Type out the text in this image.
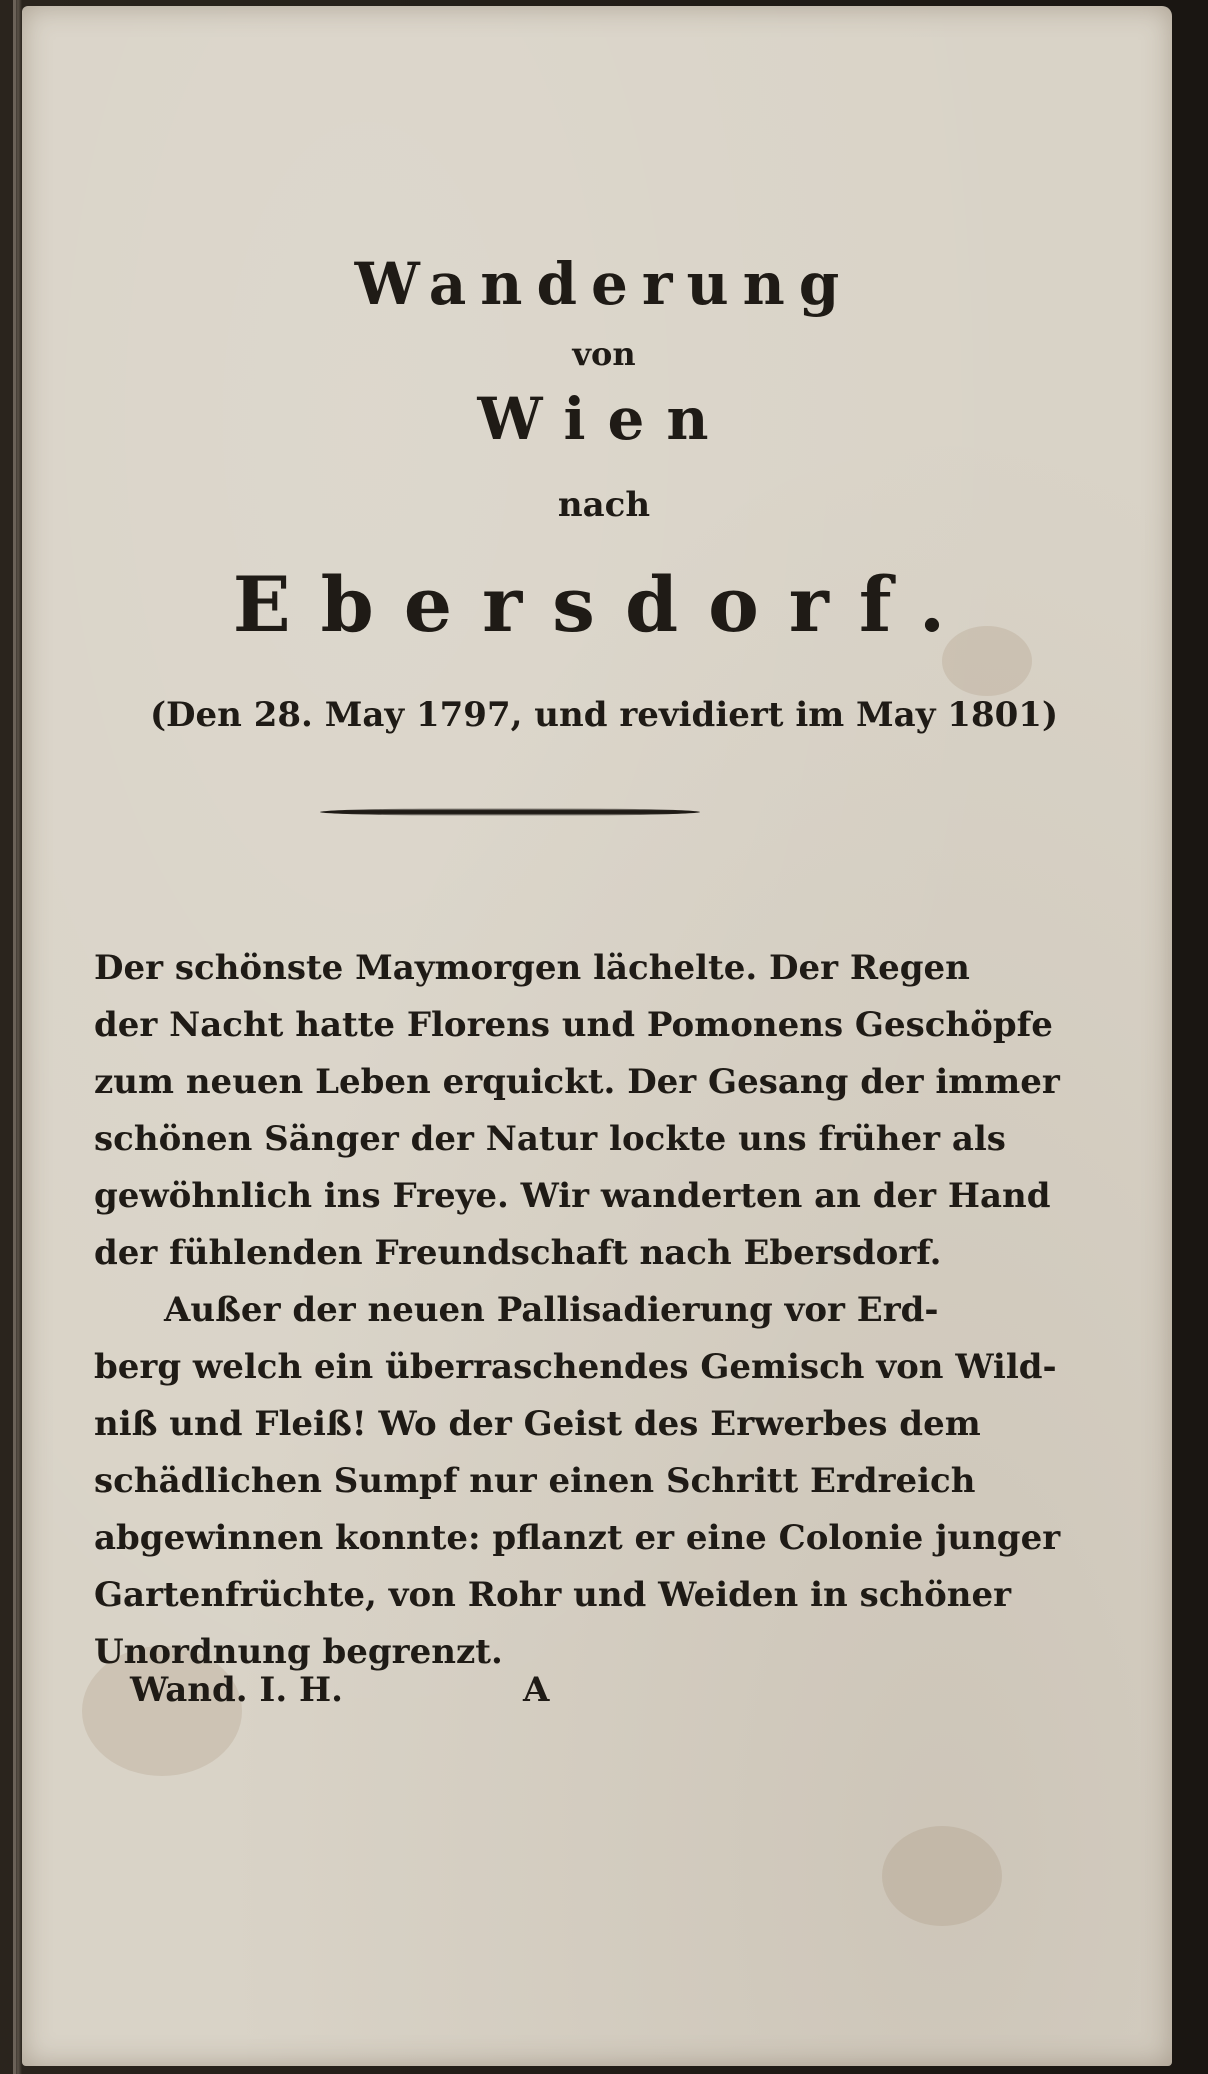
Wanderung
von
Wien
nach
Ebersdorf.
(Den 28. May 1797, und revidiert im May 1801)
Der schönste Maymorgen lächelte. Der Regen
der Nacht hatte Florens und Pomonens Geschöpfe
zum neuen Leben erquickt. Der Gesang der immer
schönen Sänger der Natur lockte uns früher als
gewöhnlich ins Freye. Wir wanderten an der Hand
der fühlenden Freundschaft nach Ebersdorf.
Außer der neuen Pallisadierung vor Erd-
berg welch ein überraschendes Gemisch von Wild-
niß und Fleiß! Wo der Geist des Erwerbes dem
schädlichen Sumpf nur einen Schritt Erdreich
abgewinnen konnte: pflanzt er eine Colonie junger
Gartenfrüchte, von Rohr und Weiden in schöner
Unordnung begrenzt.
Wand. I. H.	A
